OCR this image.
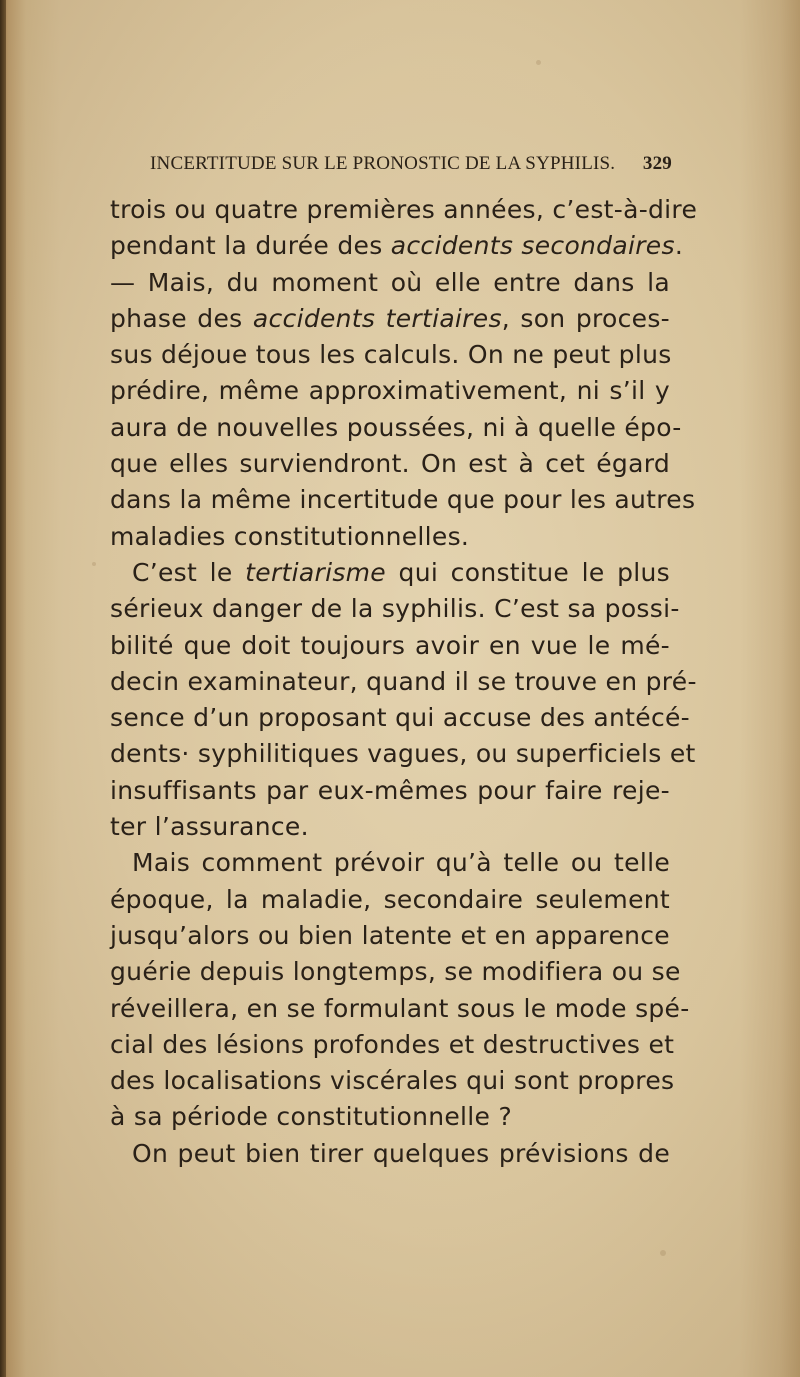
INCERTITUDE SUR LE PRONOSTIC DE LA SYPHILIS. 329
trois ou quatre premières années, c’est-à-dire
pendant la durée des accidents secondaires.
— Mais, du moment où elle entre dans la
phase des accidents tertiaires, son proces-
sus déjoue tous les calculs. On ne peut plus
prédire, même approximativement, ni s’il y
aura de nouvelles poussées, ni à quelle épo-
que elles surviendront. On est à cet égard
dans la même incertitude que pour les autres
maladies constitutionnelles.
C’est le tertiarisme qui constitue le plus
sérieux danger de la syphilis. C’est sa possi-
bilité que doit toujours avoir en vue le mé-
decin examinateur, quand il se trouve en pré-
sence d’un proposant qui accuse des antécé-
dents· syphilitiques vagues, ou superficiels et
insuffisants par eux-mêmes pour faire reje-
ter l’assurance.
Mais comment prévoir qu’à telle ou telle
époque, la maladie, secondaire seulement
jusqu’alors ou bien latente et en apparence
guérie depuis longtemps, se modifiera ou se
réveillera, en se formulant sous le mode spé-
cial des lésions profondes et destructives et
des localisations viscérales qui sont propres
à sa période constitutionnelle ?
On peut bien tirer quelques prévisions de
